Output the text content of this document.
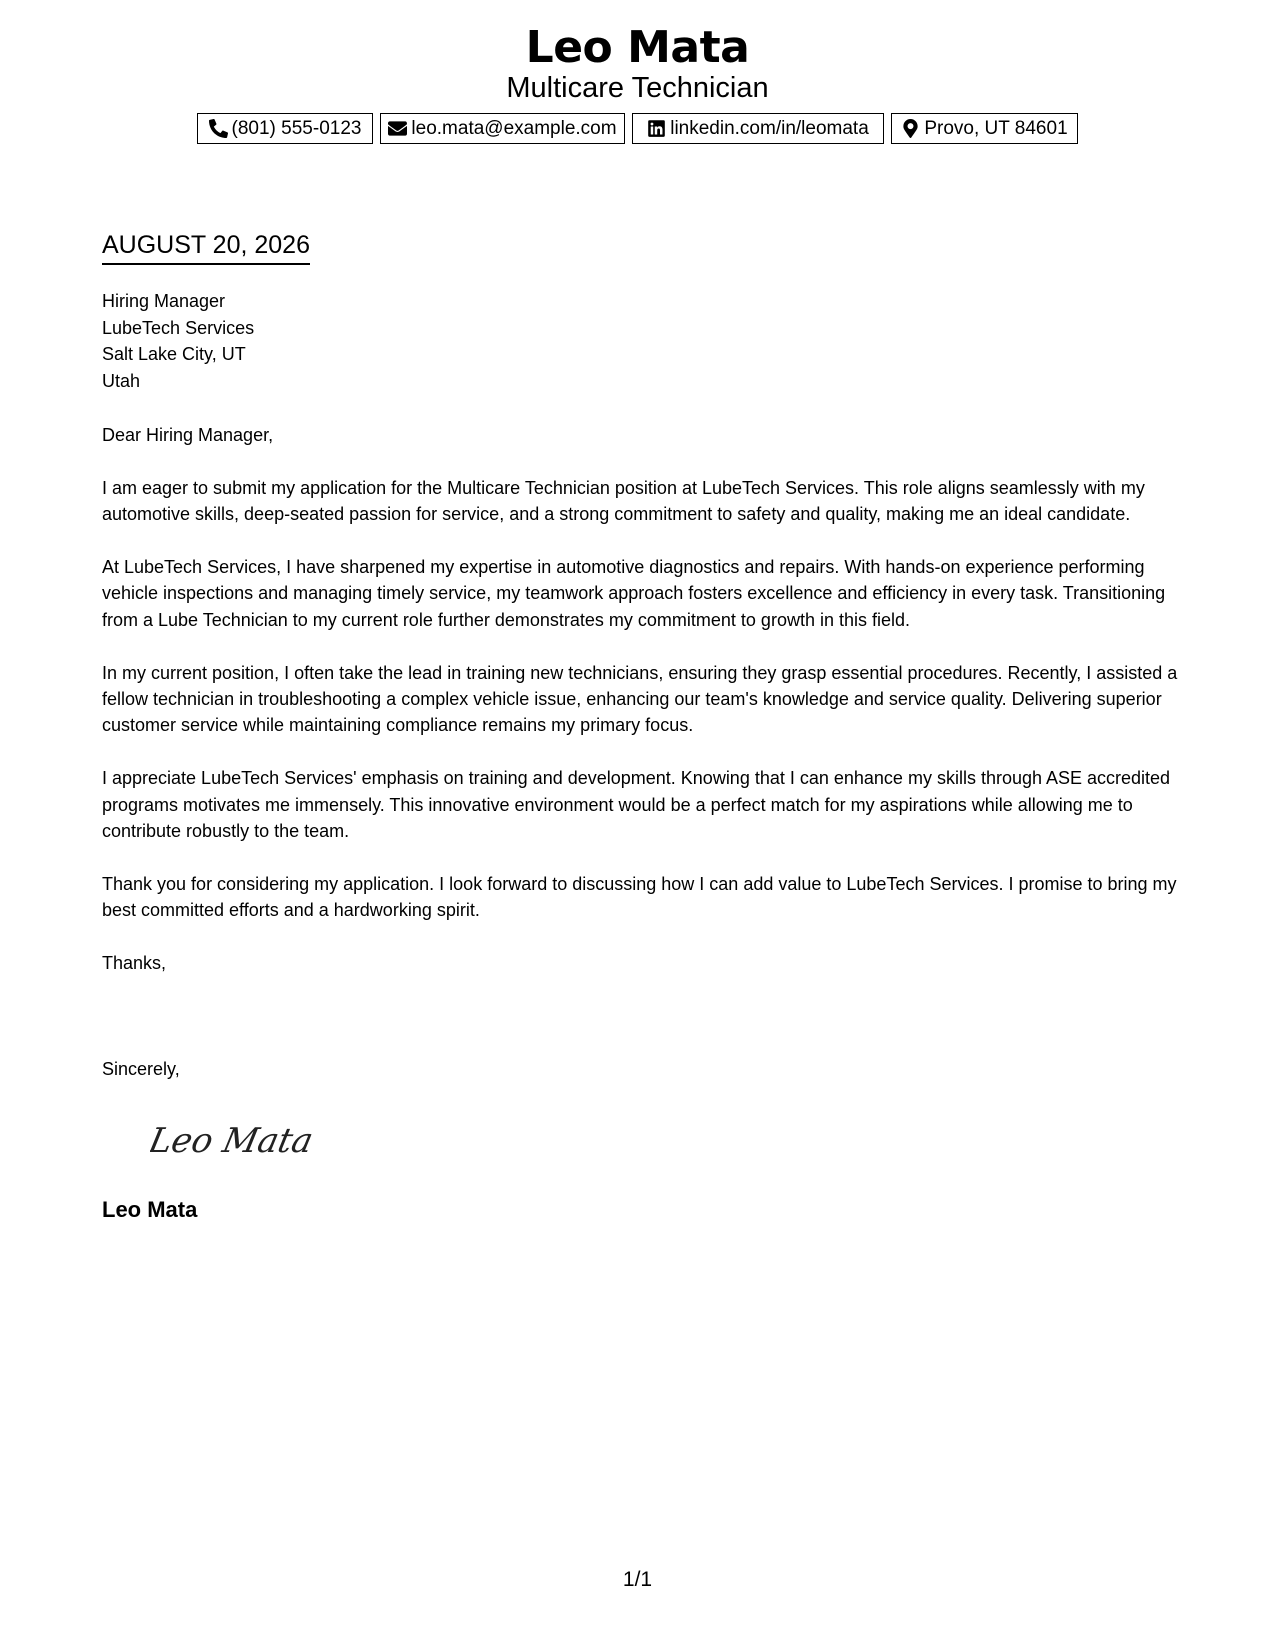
Leo Mata
Multicare Technician
(801) 555-0123	leo.mata@example.com	linkedin.com/in/leomata	Provo, UT 84601
AUGUST 20, 2026
Hiring Manager
LubeTech Services
Salt Lake City, UT
Utah

Dear Hiring Manager,

I am eager to submit my application for the Multicare Technician position at LubeTech Services. This role aligns seamlessly with my automotive skills, deep-seated passion for service, and a strong commitment to safety and quality, making me an ideal candidate.

At LubeTech Services, I have sharpened my expertise in automotive diagnostics and repairs. With hands-on experience performing vehicle inspections and managing timely service, my teamwork approach fosters excellence and efficiency in every task. Transitioning from a Lube Technician to my current role further demonstrates my commitment to growth in this field.

In my current position, I often take the lead in training new technicians, ensuring they grasp essential procedures. Recently, I assisted a fellow technician in troubleshooting a complex vehicle issue, enhancing our team's knowledge and service quality. Delivering superior customer service while maintaining compliance remains my primary focus.

I appreciate LubeTech Services' emphasis on training and development. Knowing that I can enhance my skills through ASE accredited programs motivates me immensely. This innovative environment would be a perfect match for my aspirations while allowing me to contribute robustly to the team.

Thank you for considering my application. I look forward to discussing how I can add value to LubeTech Services. I promise to bring my best committed efforts and a hardworking spirit.

Thanks,

Sincerely,
Leo Mata
Leo Mata
1/1
